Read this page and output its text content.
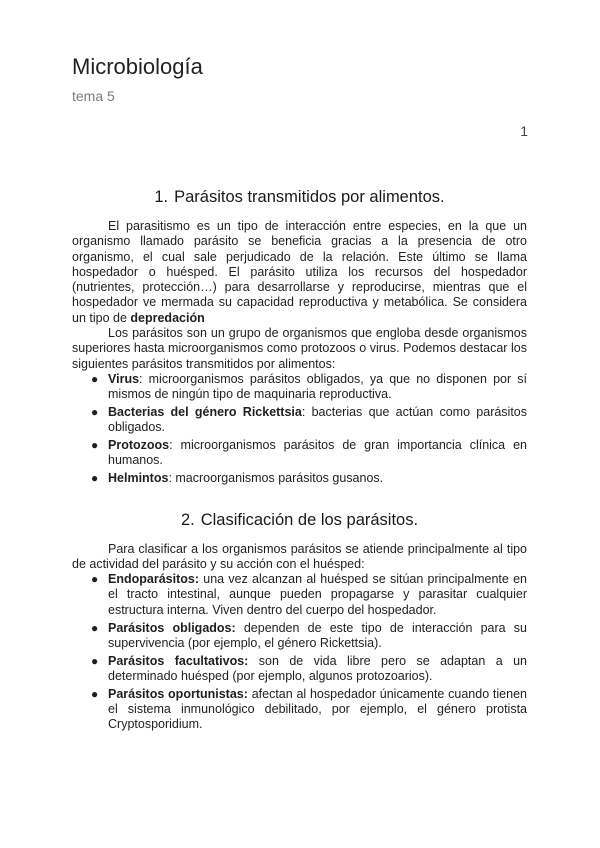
Microbiología
tema 5
1
1. Parásitos transmitidos por alimentos.

El parasitismo es un tipo de interacción entre especies, en la que un organismo llamado parásito se beneficia gracias a la presencia de otro organismo, el cual sale perjudicado de la relación. Este último se llama hospedador o huésped. El parásito utiliza los recursos del hospedador (nutrientes, protección…) para desarrollarse y reproducirse, mientras que el hospedador ve mermada su capacidad reproductiva y metabólica. Se considera un tipo de depredación

Los parásitos son un grupo de organismos que engloba desde organismos superiores hasta microorganismos como protozoos o virus. Podemos destacar los siguientes parásitos transmitidos por alimentos:

● Virus: microorganismos parásitos obligados, ya que no disponen por sí mismos de ningún tipo de maquinaria reproductiva.
● Bacterias del género Rickettsia: bacterias que actúan como parásitos obligados.
● Protozoos: microorganismos parásitos de gran importancia clínica en humanos.
● Helmintos: macroorganismos parásitos gusanos.
2. Clasificación de los parásitos.

Para clasificar a los organismos parásitos se atiende principalmente al tipo de actividad del parásito y su acción con el huésped:

● Endoparásitos: una vez alcanzan al huésped se sitúan principalmente en el tracto intestinal, aunque pueden propagarse y parasitar cualquier estructura interna. Viven dentro del cuerpo del hospedador.
● Parásitos obligados: dependen de este tipo de interacción para su supervivencia (por ejemplo, el género Rickettsia).
● Parásitos facultativos: son de vida libre pero se adaptan a un determinado huésped (por ejemplo, algunos protozoarios).
● Parásitos oportunistas: afectan al hospedador únicamente cuando tienen el sistema inmunológico debilitado, por ejemplo, el género protista Cryptosporidium.
